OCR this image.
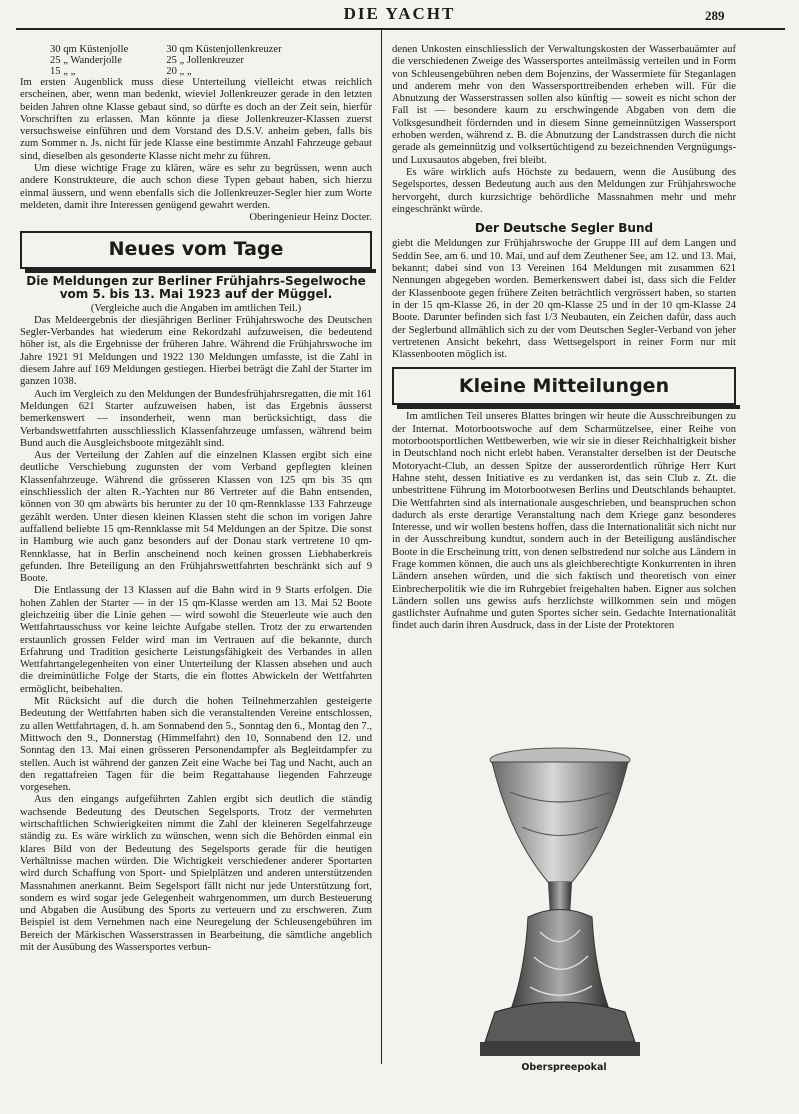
DIE YACHT	289
30 qm Küstenjolle		30 qm Küstenjollenkreuzer
25 „ Wanderjolle		25 „ Jollenkreuzer
15 „ „		20 „ „

Im ersten Augenblick muss diese Unterteilung vielleicht etwas reichlich erscheinen, aber, wenn man bedenkt, wieviel Jollenkreuzer gerade in den letzten beiden Jahren ohne Klasse gebaut sind, so dürfte es doch an der Zeit sein, hierfür Vorschriften zu erlassen. Man könnte ja diese Jollenkreuzer-Klassen zuerst versuchsweise einführen und dem Vorstand des D.S.V. anheim geben, falls bis zum Sommer n. Js. nicht für jede Klasse eine bestimmte Anzahl Fahrzeuge gebaut sind, dieselben als gesonderte Klasse nicht mehr zu führen.

Um diese wichtige Frage zu klären, wäre es sehr zu begrüssen, wenn auch andere Konstrukteure, die auch schon diese Typen gebaut haben, sich hierzu einmal äussern, und wenn ebenfalls sich die Jollenkreuzer-Segler hier zum Worte meldeten, damit ihre Interessen genügend gewahrt werden.

Oberingenieur Heinz Docter.

Neues vom Tage
Die Meldungen zur Berliner Frühjahrs-Segelwoche vom 5. bis 13. Mai 1923 auf der Müggel.

(Vergleiche auch die Angaben im amtlichen Teil.)

Das Meldeergebnis der diesjährigen Berliner Frühjahrswoche des Deutschen Segler-Verbandes hat wiederum eine Rekordzahl aufzuweisen, die bedeutend höher ist, als die Ergebnisse der früheren Jahre. Während die Frühjahrswoche im Jahre 1921 91 Meldungen und 1922 130 Meldungen umfasste, ist die Zahl in diesem Jahre auf 169 Meldungen gestiegen. Hierbei beträgt die Zahl der Starter im ganzen 1038.

Auch im Vergleich zu den Meldungen der Bundesfrühjahrsregatten, die mit 161 Meldungen 621 Starter aufzuweisen haben, ist das Ergebnis äusserst bemerkenswert — insonderheit, wenn man berücksichtigt, dass die Verbandswettfahrten ausschliesslich Klassenfahrzeuge umfassen, während beim Bund auch die Ausgleichsboote mitgezählt sind.

Aus der Verteilung der Zahlen auf die einzelnen Klassen ergibt sich eine deutliche Verschiebung zugunsten der vom Verband gepflegten kleinen Klassenfahrzeuge. Während die grösseren Klassen von 125 qm bis 35 qm einschliesslich der alten R.-Yachten nur 86 Vertreter auf die Bahn entsenden, können von 30 qm abwärts bis herunter zu der 10 qm-Rennklasse 133 Fahrzeuge gezählt werden. Unter diesen kleinen Klassen steht die schon im vorigen Jahre auffallend beliebte 15 qm-Rennklasse mit 54 Meldungen an der Spitze. Die sonst in Hamburg wie auch ganz besonders auf der Donau stark vertretene 10 qm-Rennklasse, hat in Berlin anscheinend noch keinen grossen Liebhaberkreis gefunden. Ihre Beteiligung an den Frühjahrswettfahrten beschränkt sich auf 9 Boote.

Die Entlassung der 13 Klassen auf die Bahn wird in 9 Starts erfolgen. Die hohen Zahlen der Starter — in der 15 qm-Klasse werden am 13. Mai 52 Boote gleichzeitig über die Linie gehen — wird sowohl die Steuerleute wie auch den Wettfahrtausschuss vor keine leichte Aufgabe stellen. Trotz der zu erwartenden erstaunlich grossen Felder wird man im Vertrauen auf die bekannte, durch Erfahrung und Tradition gesicherte Leistungsfähigkeit des Verbandes in allen Wettfahrtangelegenheiten von einer Unterteilung der Klassen absehen und auch die dreiminütliche Folge der Starts, die ein flottes Abwickeln der Wettfahrten ermöglicht, beibehalten.

Mit Rücksicht auf die durch die hohen Teilnehmerzahlen gesteigerte Bedeutung der Wettfahrten haben sich die veranstaltenden Vereine entschlossen, zu allen Wettfahrtagen, d. h. am Sonnabend den 5., Sonntag den 6., Montag den 7., Mittwoch den 9., Donnerstag (Himmelfahrt) den 10, Sonnabend den 12. und Sonntag den 13. Mai einen grösseren Personendampfer als Begleitdampfer zu stellen. Auch ist während der ganzen Zeit eine Wache bei Tag und Nacht, auch an den regattafreien Tagen für die beim Regattahause liegenden Fahrzeuge vorgesehen.

Aus den eingangs aufgeführten Zahlen ergibt sich deutlich die ständig wachsende Bedeutung des Deutschen Segelsports. Trotz der vermehrten wirtschaftlichen Schwierigkeiten nimmt die Zahl der kleineren Segelfahrzeuge ständig zu. Es wäre wirklich zu wünschen, wenn sich die Behörden einmal ein klares Bild von der Bedeutung des Segelsports gerade für die heutigen Verhältnisse machen würden. Die Wichtigkeit verschiedener anderer Sportarten wird durch Schaffung von Sport- und Spielplätzen und anderen unterstützenden Massnahmen anerkannt. Beim Segelsport fällt nicht nur jede Unterstützung fort, sondern es wird sogar jede Gelegenheit wahrgenommen, um durch Besteuerung und Abgaben die Ausübung des Sports zu verteuern und zu erschweren. Zum Beispiel ist dem Vernehmen nach eine Neuregelung der Schleusengebühren im Bereich der Märkischen Wasserstrassen in Bearbeitung, die sämtliche angeblich mit der Ausübung des Wassersportes verbun-

denen Unkosten einschliesslich der Verwaltungskosten der Wasserbauämter auf die verschiedenen Zweige des Wassersportes anteilmässig verteilen und in Form von Schleusengebühren neben dem Bojenzins, der Wassermiete für Steganlagen und anderem mehr von den Wassersporttreibenden erheben will. Für die Abnutzung der Wasserstrassen sollen also künftig — soweit es nicht schon der Fall ist — besondere kaum zu erschwingende Abgaben von dem die Volksgesundheit fördernden und in diesem Sinne gemeinnützigen Wassersport erhoben werden, während z. B. die Abnutzung der Landstrassen durch die nicht gerade als gemeinnützig und volksertüchtigend zu bezeichnenden Vergnügungs- und Luxusautos abgeben, frei bleibt.

Es wäre wirklich aufs Höchste zu bedauern, wenn die Ausübung des Segelsportes, dessen Bedeutung auch aus den Meldungen zur Frühjahrswoche hervorgeht, durch kurzsichtige behördliche Massnahmen mehr und mehr eingeschränkt würde.

Der Deutsche Segler Bund

giebt die Meldungen zur Frühjahrswoche der Gruppe III auf dem Langen und Seddin See, am 6. und 10. Mai, und auf dem Zeuthener See, am 12. und 13. Mai, bekannt; dabei sind von 13 Vereinen 164 Meldungen mit zusammen 621 Nennungen abgegeben worden. Bemerkenswert dabei ist, dass sich die Felder der Klassenboote gegen frühere Zeiten beträchtlich vergrössert haben, so starten in der 15 qm-Klasse 26, in der 20 qm-Klasse 25 und in der 10 qm-Klasse 24 Boote. Darunter befinden sich fast 1/3 Neubauten, ein Zeichen dafür, dass auch der Seglerbund allmählich sich zu der vom Deutschen Segler-Verband von jeher vertretenen Ansicht bekehrt, dass Wettsegelsport in reiner Form nur mit Klassenbooten möglich ist.

Kleine Mitteilungen

Im amtlichen Teil unseres Blattes bringen wir heute die Ausschreibungen zu der Internat. Motorbootswoche auf dem Scharmützelsee, einer Reihe von motorbootsportlichen Wettbewerben, wie wir sie in dieser Reichhaltigkeit bisher in Deutschland noch nicht erlebt haben. Veranstalter derselben ist der Deutsche Motoryacht-Club, an dessen Spitze der ausserordentlich rührige Herr Kurt Hahne steht, dessen Initiative es zu verdanken ist, das sein Club z. Zt. die unbestrittene Führung im Motorbootwesen Berlins und Deutschlands behauptet. Die Wettfahrten sind als internationale ausgeschrieben, und beanspruchen schon dadurch als erste derartige Veranstaltung nach dem Kriege ganz besonderes Interesse, und wir wollen bestens hoffen, dass die Internationalität sich nicht nur in der Ausschreibung kundtut, sondern auch in der Beteiligung ausländischer Boote in die Erscheinung tritt, von denen selbstredend nur solche aus Ländern in Frage kommen können, die auch uns als gleichberechtigte Konkurrenten in ihren Ländern ansehen würden, und die sich faktisch und theoretisch von einer Einbrecherpolitik wie die im Ruhrgebiet freigehalten haben. Eigner aus solchen Ländern sollen uns gewiss aufs herzlichste willkommen sein und mögen gastlichster Aufnahme und guten Sportes sicher sein. Gedachte Internationalität findet auch darin ihren Ausdruck, dass in der Liste der Protektoren

Oberspreepokal
